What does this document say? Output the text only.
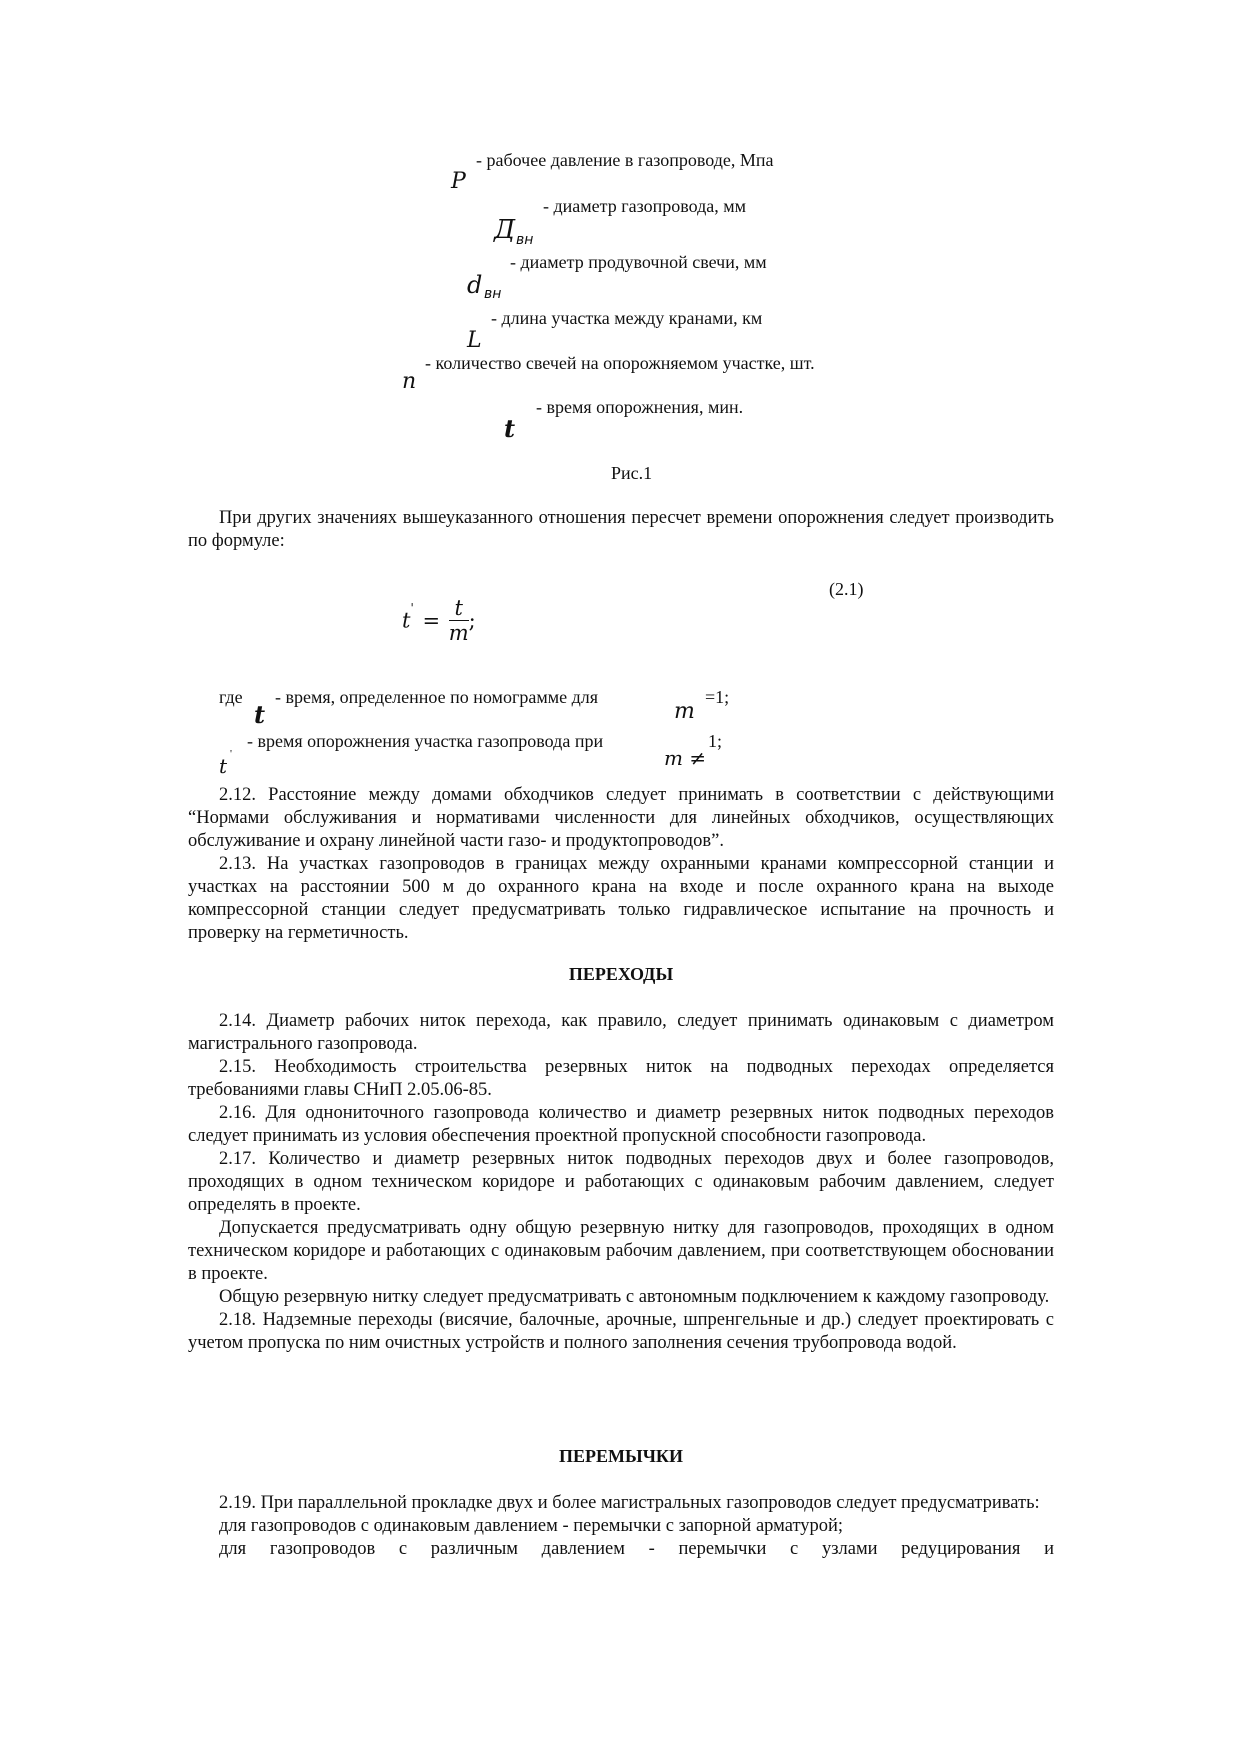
- рабочее давление в газопроводе, Мпа
P
- диаметр газопровода, мм
Д вн
- диаметр продувочной свечи, мм
d вн
- длина участка между кранами, км
L
- количество свечей на опорожняемом участке, шт.
n
- время опорожнения, мин.
t
Рис.1

При других значениях вышеуказанного отношения пересчет времени опорожнения следует производить по формуле:

(2.1)
$t' = \frac{t}{m}$ ;
где
t
- время, определенное по номограмме для
m
=1;
- время опорожнения участка газопровода при
t '	m ≠
1;

2.12. Расстояние между домами обходчиков следует принимать в соответствии с действующими “Нормами обслуживания и нормативами численности для линейных обходчиков, осуществляющих обслуживание и охрану линейной части газо- и продуктопроводов”.

2.13. На участках газопроводов в границах между охранными кранами компрессорной станции и участках на расстоянии 500 м до охранного крана на входе и после охранного крана на выходе компрессорной станции следует предусматривать только гидравлическое испытание на прочность и проверку на герметичность.

ПЕРЕХОДЫ

2.14. Диаметр рабочих ниток перехода, как правило, следует принимать одинаковым с диаметром магистрального газопровода.

2.15. Необходимость строительства резервных ниток на подводных переходах определяется требованиями главы СНиП 2.05.06-85.

2.16. Для однониточного газопровода количество и диаметр резервных ниток подводных переходов следует принимать из условия обеспечения проектной пропускной способности газопровода.

2.17. Количество и диаметр резервных ниток подводных переходов двух и более газопроводов, проходящих в одном техническом коридоре и работающих с одинаковым рабочим давлением, следует определять в проекте.

Допускается предусматривать одну общую резервную нитку для газопроводов, проходящих в одном техническом коридоре и работающих с одинаковым рабочим давлением, при соответствующем обосновании в проекте.

Общую резервную нитку следует предусматривать с автономным подключением к каждому газопроводу.

2.18. Надземные переходы (висячие, балочные, арочные, шпренгельные и др.) следует проектировать с учетом пропуска по ним очистных устройств и полного заполнения сечения трубопровода водой.

ПЕРЕМЫЧКИ

2.19. При параллельной прокладке двух и более магистральных газопроводов следует предусматривать:

для газопроводов с одинаковым давлением - перемычки с запорной арматурой;

для газопроводов с различным давлением - перемычки с узлами редуцирования и
